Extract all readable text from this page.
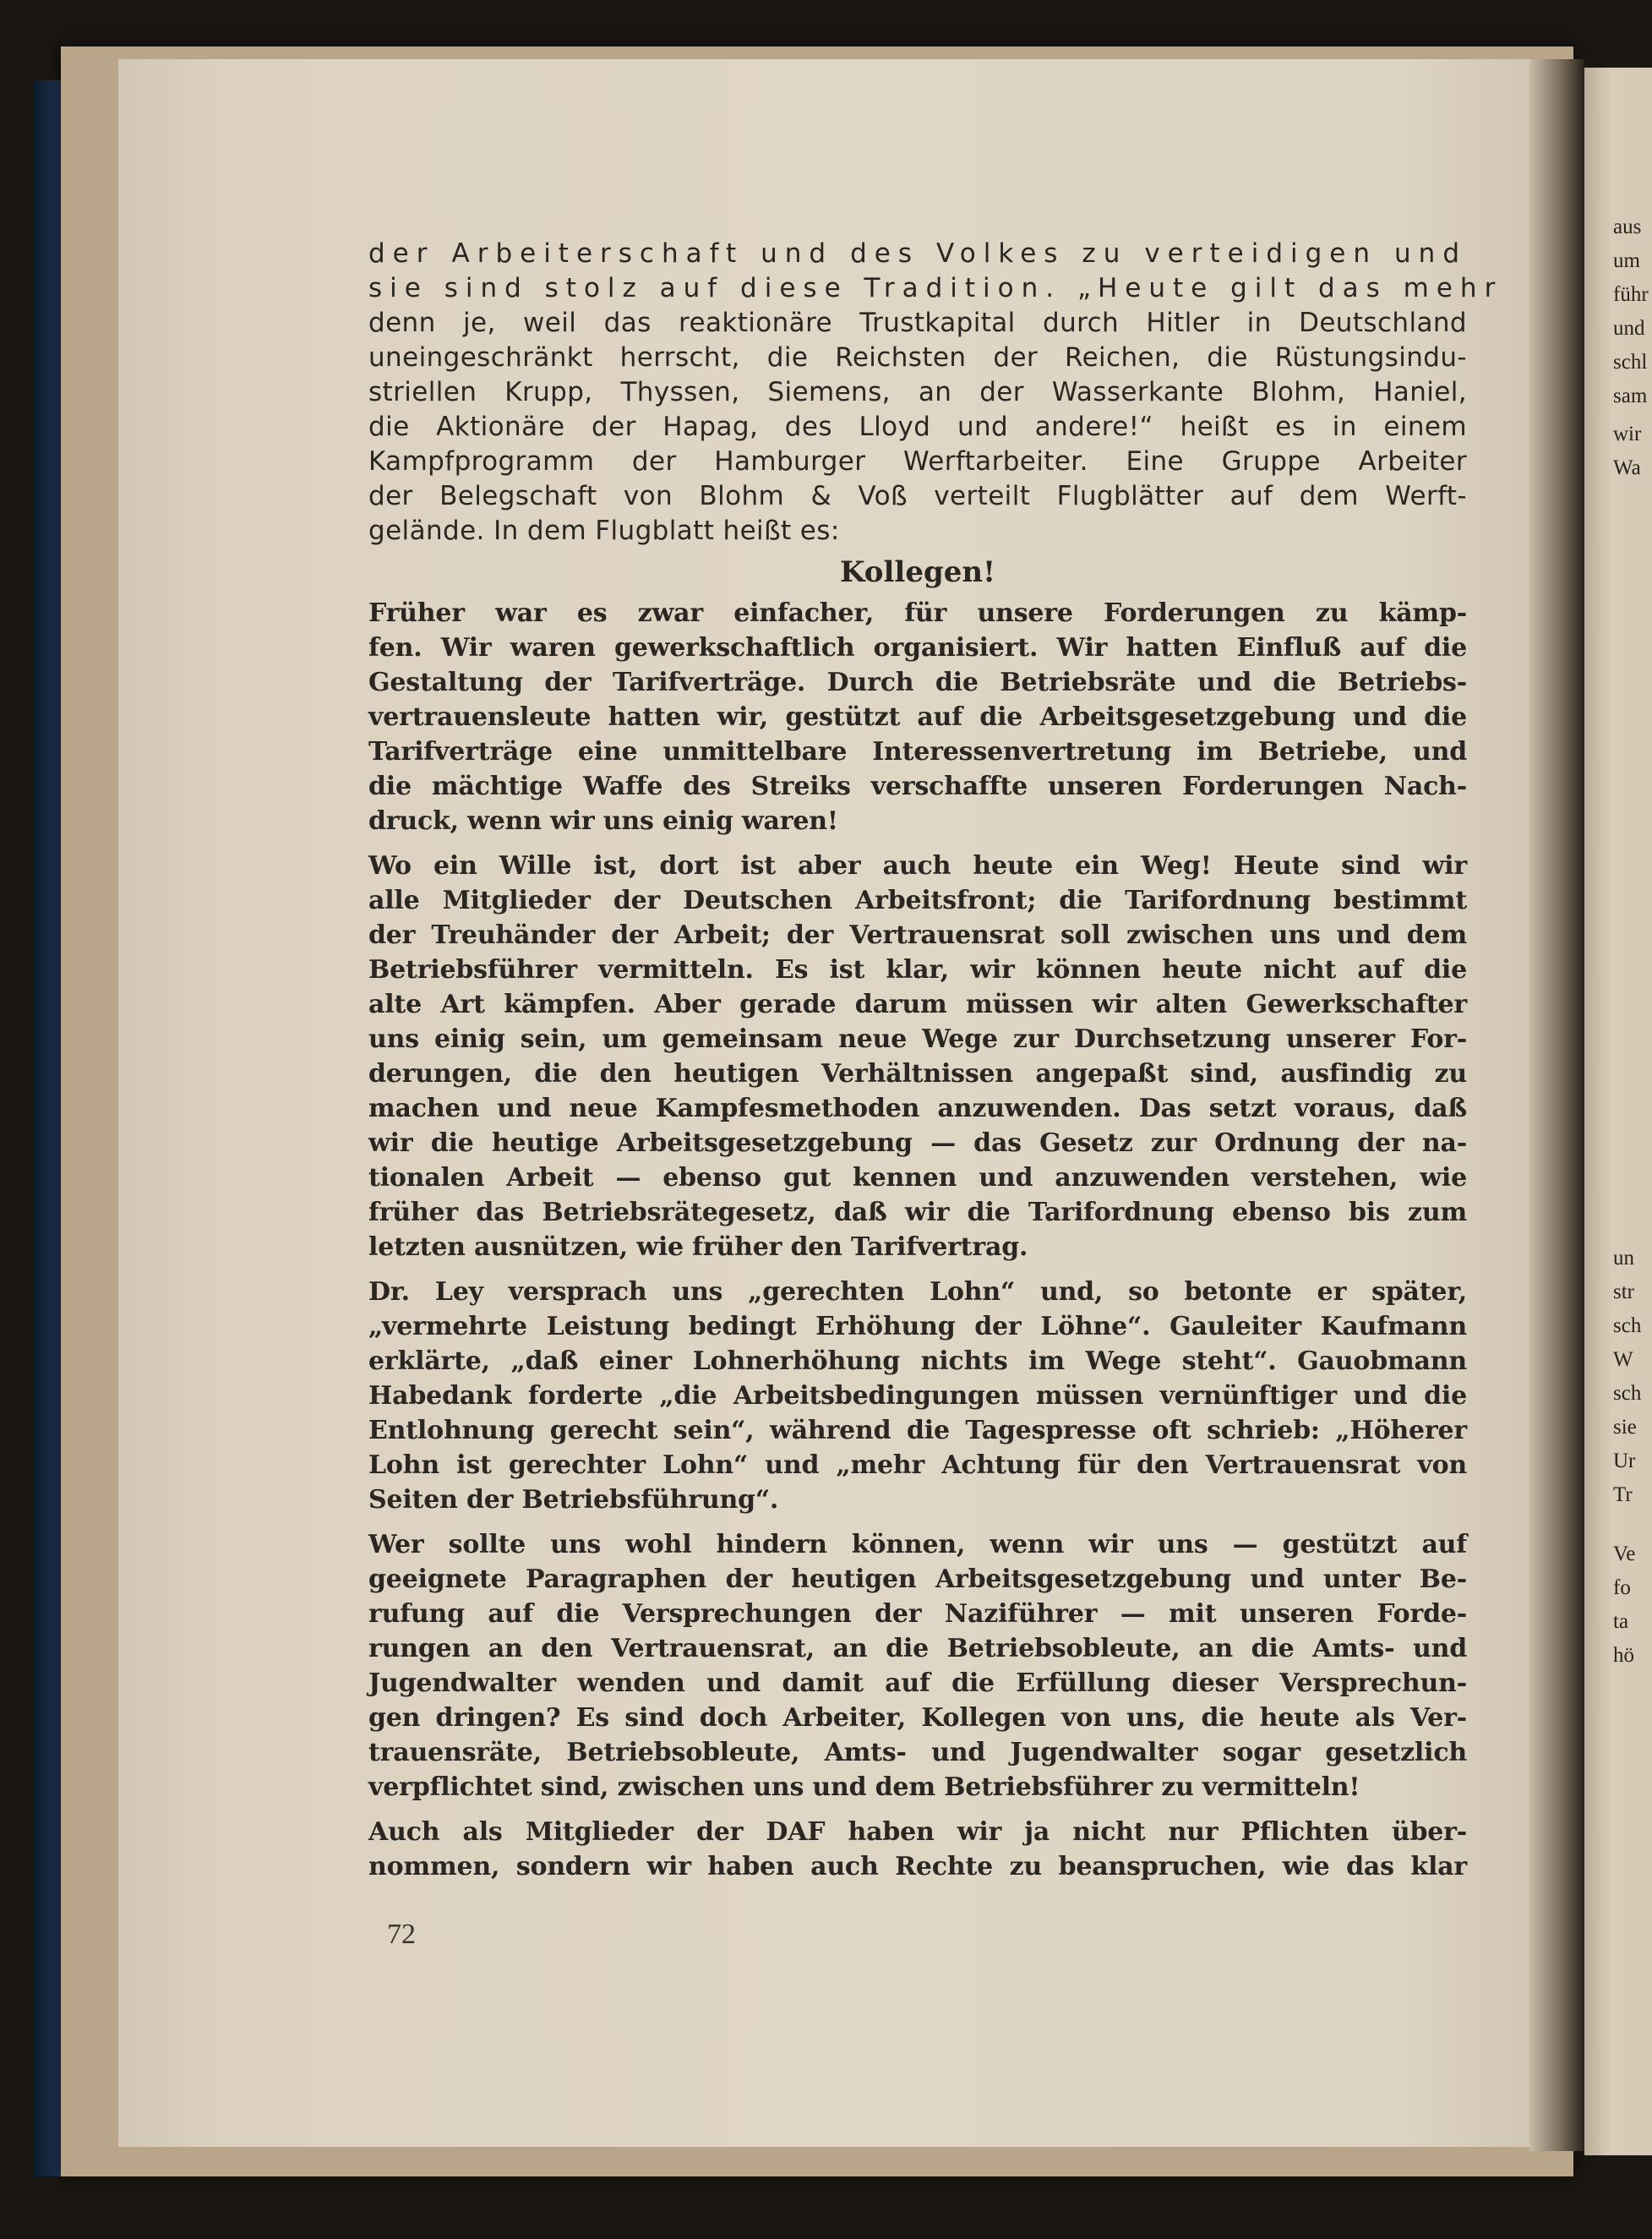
aus
um
führ
und
schl
sam
wir
Wa
un
str
sch
W
sch
sie
Ur
Tr
Ve
fo
ta
hö
der Arbeiterschaft und des Volkes zu verteidigen und
sie sind stolz auf diese Tradition. „Heute gilt das mehr
denn je, weil das reaktionäre Trustkapital durch Hitler in Deutschland
uneingeschränkt herrscht, die Reichsten der Reichen, die Rüstungsindu-
striellen Krupp, Thyssen, Siemens, an der Wasserkante Blohm, Haniel,
die Aktionäre der Hapag, des Lloyd und andere!“ heißt es in einem
Kampfprogramm der Hamburger Werftarbeiter. Eine Gruppe Arbeiter
der Belegschaft von Blohm & Voß verteilt Flugblätter auf dem Werft-
gelände. In dem Flugblatt heißt es:
Kollegen!
Früher war es zwar einfacher, für unsere Forderungen zu kämp-
fen. Wir waren gewerkschaftlich organisiert. Wir hatten Einfluß auf die
Gestaltung der Tarifverträge. Durch die Betriebsräte und die Betriebs-
vertrauensleute hatten wir, gestützt auf die Arbeitsgesetzgebung und die
Tarifverträge eine unmittelbare Interessenvertretung im Betriebe, und
die mächtige Waffe des Streiks verschaffte unseren Forderungen Nach-
druck, wenn wir uns einig waren!
Wo ein Wille ist, dort ist aber auch heute ein Weg! Heute sind wir
alle Mitglieder der Deutschen Arbeitsfront; die Tarifordnung bestimmt
der Treuhänder der Arbeit; der Vertrauensrat soll zwischen uns und dem
Betriebsführer vermitteln. Es ist klar, wir können heute nicht auf die
alte Art kämpfen. Aber gerade darum müssen wir alten Gewerkschafter
uns einig sein, um gemeinsam neue Wege zur Durchsetzung unserer For-
derungen, die den heutigen Verhältnissen angepaßt sind, ausfindig zu
machen und neue Kampfesmethoden anzuwenden. Das setzt voraus, daß
wir die heutige Arbeitsgesetzgebung — das Gesetz zur Ordnung der na-
tionalen Arbeit — ebenso gut kennen und anzuwenden verstehen, wie
früher das Betriebsrätegesetz, daß wir die Tarifordnung ebenso bis zum
letzten ausnützen, wie früher den Tarifvertrag.
Dr. Ley versprach uns „gerechten Lohn“ und, so betonte er später,
„vermehrte Leistung bedingt Erhöhung der Löhne“. Gauleiter Kaufmann
erklärte, „daß einer Lohnerhöhung nichts im Wege steht“. Gauobmann
Habedank forderte „die Arbeitsbedingungen müssen vernünftiger und die
Entlohnung gerecht sein“, während die Tagespresse oft schrieb: „Höherer
Lohn ist gerechter Lohn“ und „mehr Achtung für den Vertrauensrat von
Seiten der Betriebsführung“.
Wer sollte uns wohl hindern können, wenn wir uns — gestützt auf
geeignete Paragraphen der heutigen Arbeitsgesetzgebung und unter Be-
rufung auf die Versprechungen der Naziführer — mit unseren Forde-
rungen an den Vertrauensrat, an die Betriebsobleute, an die Amts- und
Jugendwalter wenden und damit auf die Erfüllung dieser Versprechun-
gen dringen? Es sind doch Arbeiter, Kollegen von uns, die heute als Ver-
trauensräte, Betriebsobleute, Amts- und Jugendwalter sogar gesetzlich
verpflichtet sind, zwischen uns und dem Betriebsführer zu vermitteln!
Auch als Mitglieder der DAF haben wir ja nicht nur Pflichten über-
nommen, sondern wir haben auch Rechte zu beanspruchen, wie das klar
72
